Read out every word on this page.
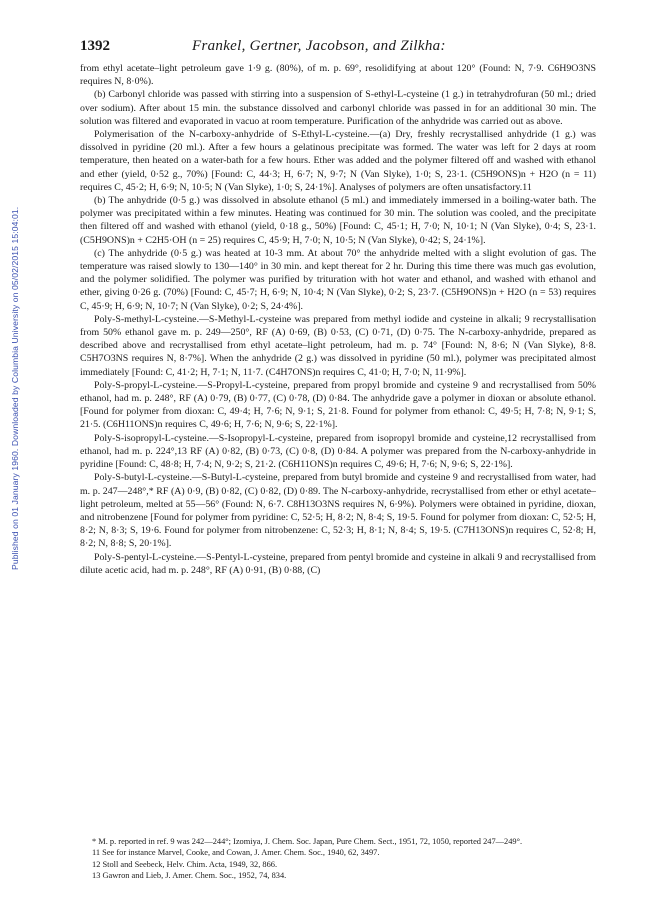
Published on 01 January 1960. Downloaded by Columbia University on 05/02/2015 15:04:01.
1392	Frankel, Gertner, Jacobson, and Zilkha:

from ethyl acetate–light petroleum gave 1·9 g. (80%), of m. p. 69°, resolidifying at about 120° (Found: N, 7·9. C6H9O3NS requires N, 8·0%).

(b) Carbonyl chloride was passed with stirring into a suspension of S-ethyl-L-cysteine (1 g.) in tetrahydrofuran (50 ml.; dried over sodium). After about 15 min. the substance dissolved and carbonyl chloride was passed in for an additional 30 min. The solution was filtered and evaporated in vacuo at room temperature. Purification of the anhydride was carried out as above.

Polymerisation of the N-carboxy-anhydride of S-Ethyl-L-cysteine.—(a) Dry, freshly recrystallised anhydride (1 g.) was dissolved in pyridine (20 ml.). After a few hours a gelatinous precipitate was formed. The water was left for 2 days at room temperature, then heated on a water-bath for a few hours. Ether was added and the polymer filtered off and washed with ethanol and ether (yield, 0·52 g., 70%) [Found: C, 44·3; H, 6·7; N, 9·7; N (Van Slyke), 1·0; S, 23·1. (C5H9ONS)n + H2O (n = 11) requires C, 45·2; H, 6·9; N, 10·5; N (Van Slyke), 1·0; S, 24·1%]. Analyses of polymers are often unsatisfactory.11

(b) The anhydride (0·5 g.) was dissolved in absolute ethanol (5 ml.) and immediately immersed in a boiling-water bath. The polymer was precipitated within a few minutes. Heating was continued for 30 min. The solution was cooled, and the precipitate then filtered off and washed with ethanol (yield, 0·18 g., 50%) [Found: C, 45·1; H, 7·0; N, 10·1; N (Van Slyke), 0·4; S, 23·1. (C5H9ONS)n + C2H5·OH (n = 25) requires C, 45·9; H, 7·0; N, 10·5; N (Van Slyke), 0·42; S, 24·1%].

(c) The anhydride (0·5 g.) was heated at 10-3 mm. At about 70° the anhydride melted with a slight evolution of gas. The temperature was raised slowly to 130—140° in 30 min. and kept thereat for 2 hr. During this time there was much gas evolution, and the polymer solidified. The polymer was purified by trituration with hot water and ethanol, and washed with ethanol and ether, giving 0·26 g. (70%) [Found: C, 45·7; H, 6·9; N, 10·4; N (Van Slyke), 0·2; S, 23·7. (C5H9ONS)n + H2O (n = 53) requires C, 45·9; H, 6·9; N, 10·7; N (Van Slyke), 0·2; S, 24·4%].

Poly-S-methyl-L-cysteine.—S-Methyl-L-cysteine was prepared from methyl iodide and cysteine in alkali; 9 recrystallisation from 50% ethanol gave m. p. 249—250°, RF (A) 0·69, (B) 0·53, (C) 0·71, (D) 0·75. The N-carboxy-anhydride, prepared as described above and recrystallised from ethyl acetate–light petroleum, had m. p. 74° [Found: N, 8·6; N (Van Slyke), 8·8. C5H7O3NS requires N, 8·7%]. When the anhydride (2 g.) was dissolved in pyridine (50 ml.), polymer was precipitated almost immediately [Found: C, 41·2; H, 7·1; N, 11·7. (C4H7ONS)n requires C, 41·0; H, 7·0; N, 11·9%].

Poly-S-propyl-L-cysteine.—S-Propyl-L-cysteine, prepared from propyl bromide and cysteine 9 and recrystallised from 50% ethanol, had m. p. 248°, RF (A) 0·79, (B) 0·77, (C) 0·78, (D) 0·84. The anhydride gave a polymer in dioxan or absolute ethanol. [Found for polymer from dioxan: C, 49·4; H, 7·6; N, 9·1; S, 21·8. Found for polymer from ethanol: C, 49·5; H, 7·8; N, 9·1; S, 21·5. (C6H11ONS)n requires C, 49·6; H, 7·6; N, 9·6; S, 22·1%].

Poly-S-isopropyl-L-cysteine.—S-Isopropyl-L-cysteine, prepared from isopropyl bromide and cysteine,12 recrystallised from ethanol, had m. p. 224°,13 RF (A) 0·82, (B) 0·73, (C) 0·8, (D) 0·84. A polymer was prepared from the N-carboxy-anhydride in pyridine [Found: C, 48·8; H, 7·4; N, 9·2; S, 21·2. (C6H11ONS)n requires C, 49·6; H, 7·6; N, 9·6; S, 22·1%].

Poly-S-butyl-L-cysteine.—S-Butyl-L-cysteine, prepared from butyl bromide and cysteine 9 and recrystallised from water, had m. p. 247—248°,* RF (A) 0·9, (B) 0·82, (C) 0·82, (D) 0·89. The N-carboxy-anhydride, recrystallised from ether or ethyl acetate–light petroleum, melted at 55—56° (Found: N, 6·7. C8H13O3NS requires N, 6·9%). Polymers were obtained in pyridine, dioxan, and nitrobenzene [Found for polymer from pyridine: C, 52·5; H, 8·2; N, 8·4; S, 19·5. Found for polymer from dioxan: C, 52·5; H, 8·2; N, 8·3; S, 19·6. Found for polymer from nitrobenzene: C, 52·3; H, 8·1; N, 8·4; S, 19·5. (C7H13ONS)n requires C, 52·8; H, 8·2; N, 8·8; S, 20·1%].

Poly-S-pentyl-L-cysteine.—S-Pentyl-L-cysteine, prepared from pentyl bromide and cysteine in alkali 9 and recrystallised from dilute acetic acid, had m. p. 248°, RF (A) 0·91, (B) 0·88, (C)

* M. p. reported in ref. 9 was 242—244°; Izomiya, J. Chem. Soc. Japan, Pure Chem. Sect., 1951, 72, 1050, reported 247—249°.

11 See for instance Marvel, Cooke, and Cowan, J. Amer. Chem. Soc., 1940, 62, 3497.

12 Stoll and Seebeck, Helv. Chim. Acta, 1949, 32, 866.

13 Gawron and Lieb, J. Amer. Chem. Soc., 1952, 74, 834.
